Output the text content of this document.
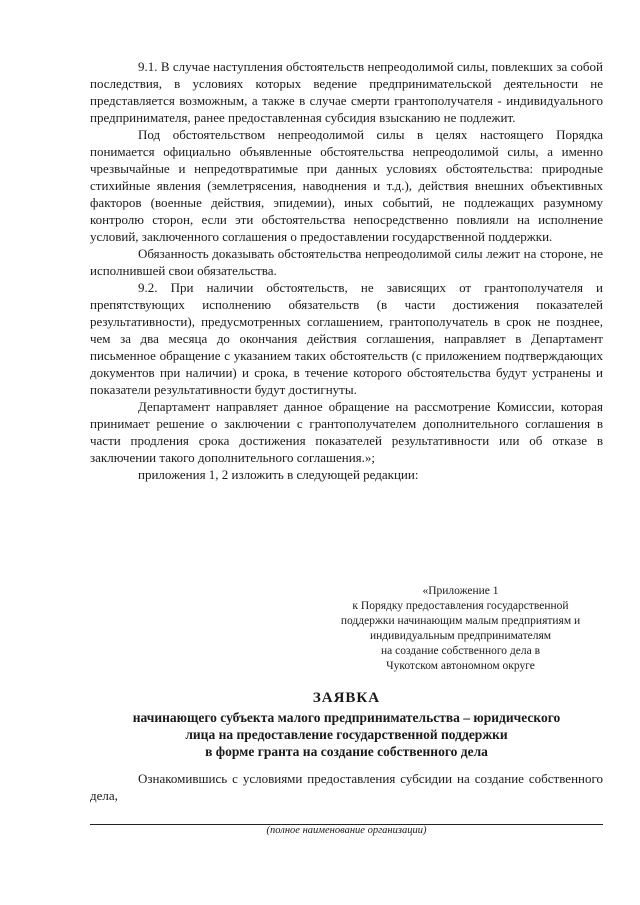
9.1. В случае наступления обстоятельств непреодолимой силы, повлекших за собой последствия, в условиях которых ведение предпринимательской деятельности не представляется возможным, а также в случае смерти грантополучателя - индивидуального предпринимателя, ранее предоставленная субсидия взысканию не подлежит.

Под обстоятельством непреодолимой силы в целях настоящего Порядка понимается официально объявленные обстоятельства непреодолимой силы, а именно чрезвычайные и непредотвратимые при данных условиях обстоятельства: природные стихийные явления (землетрясения, наводнения и т.д.), действия внешних объективных факторов (военные действия, эпидемии), иных событий, не подлежащих разумному контролю сторон, если эти обстоятельства непосредственно повлияли на исполнение условий, заключенного соглашения о предоставлении государственной поддержки.

Обязанность доказывать обстоятельства непреодолимой силы лежит на стороне, не исполнившей свои обязательства.

9.2. При наличии обстоятельств, не зависящих от грантополучателя и препятствующих исполнению обязательств (в части достижения показателей результативности), предусмотренных соглашением, грантополучатель в срок не позднее, чем за два месяца до окончания действия соглашения, направляет в Департамент письменное обращение с указанием таких обстоятельств (с приложением подтверждающих документов при наличии) и срока, в течение которого обстоятельства будут устранены и показатели результативности будут достигнуты.

Департамент направляет данное обращение на рассмотрение Комиссии, которая принимает решение о заключении с грантополучателем дополнительного соглашения в части продления срока достижения показателей результативности или об отказе в заключении такого дополнительного соглашения.»;

приложения 1, 2 изложить в следующей редакции:

«Приложение 1
к Порядку предоставления государственной
поддержки начинающим малым предприятиям и
индивидуальным предпринимателям
на создание собственного дела в
Чукотском автономном округе
ЗАЯВКА
начинающего субъекта малого предпринимательства – юридического
лица на предоставление государственной поддержки
в форме гранта на создание собственного дела

Ознакомившись с условиями предоставления субсидии на создание собственного дела,

(полное наименование организации)
